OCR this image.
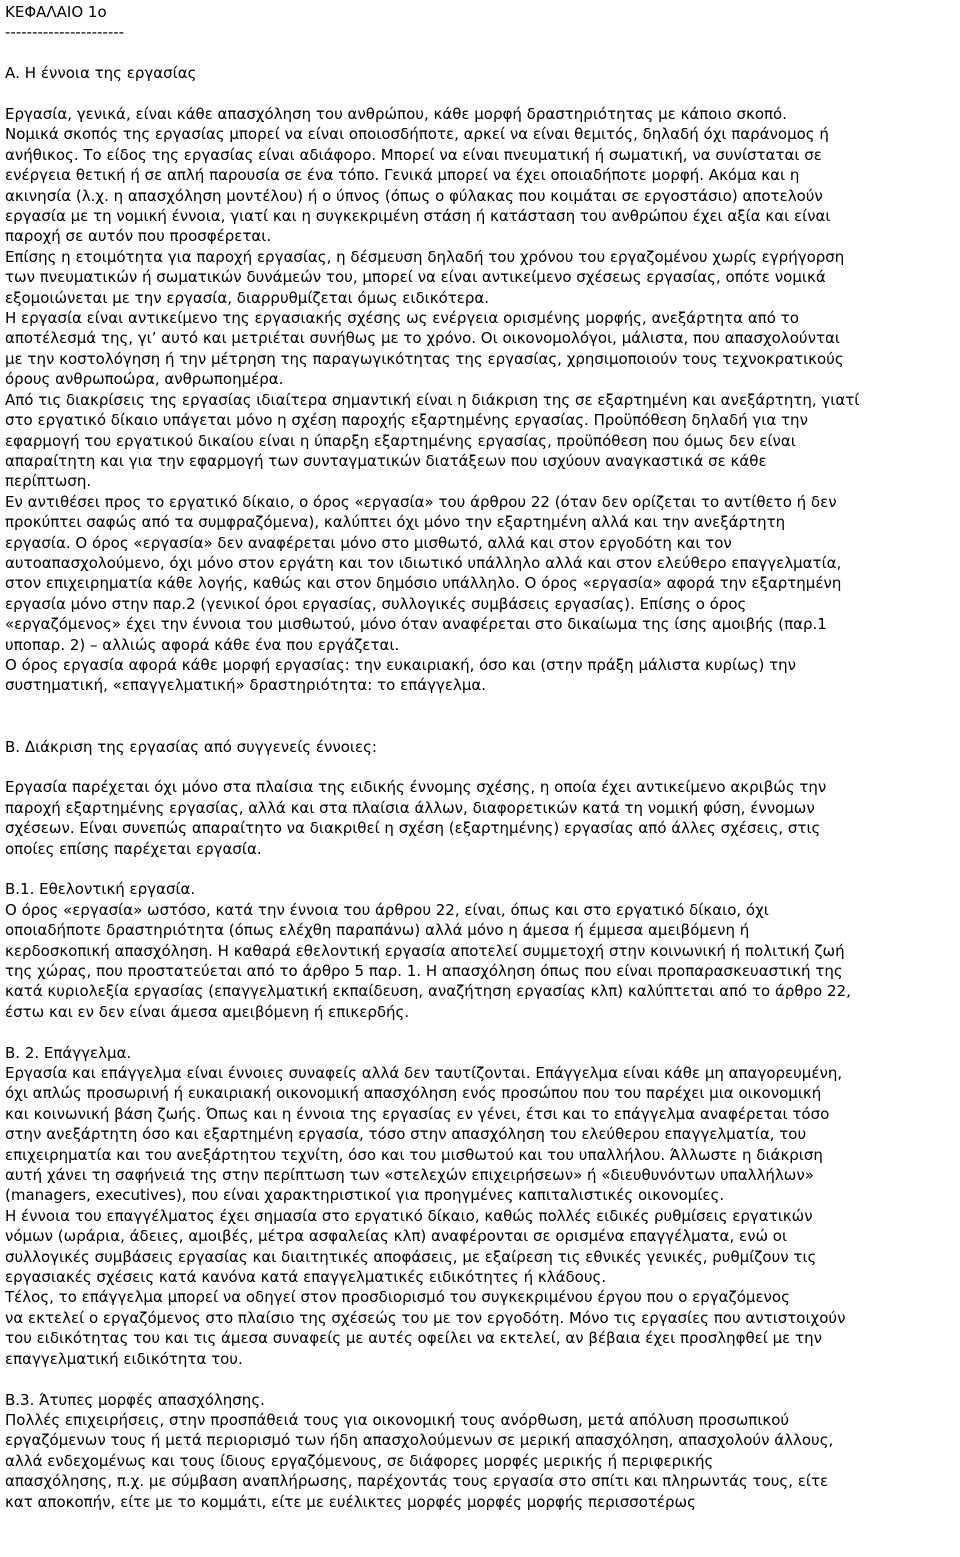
ΚΕΦΑΛΑΙΟ 1ο
----------------------
Α. Η έννοια της εργασίας
Εργασία, γενικά, είναι κάθε απασχόληση του ανθρώπου, κάθε μορφή δραστηριότητας με κάποιο σκοπό.
Νομικά σκοπός της εργασίας μπορεί να είναι οποιοσδήποτε, αρκεί να είναι θεμιτός, δηλαδή όχι παράνομος ή
ανήθικος. Το είδος της εργασίας είναι αδιάφορο. Μπορεί να είναι πνευματική ή σωματική, να συνίσταται σε
ενέργεια θετική ή σε απλή παρουσία σε ένα τόπο. Γενικά μπορεί να έχει οποιαδήποτε μορφή. Ακόμα και η
ακινησία (λ.χ. η απασχόληση μοντέλου) ή ο ύπνος (όπως ο φύλακας που κοιμάται σε εργοστάσιο) αποτελούν
εργασία με τη νομική έννοια, γιατί και η συγκεκριμένη στάση ή κατάσταση του ανθρώπου έχει αξία και είναι
παροχή σε αυτόν που προσφέρεται.
Επίσης η ετοιμότητα για παροχή εργασίας, η δέσμευση δηλαδή του χρόνου του εργαζομένου χωρίς εγρήγορση
των πνευματικών ή σωματικών δυνάμεών του, μπορεί να είναι αντικείμενο σχέσεως εργασίας, οπότε νομικά
εξομοιώνεται με την εργασία, διαρρυθμίζεται όμως ειδικότερα.
Η εργασία είναι αντικείμενο της εργασιακής σχέσης ως ενέργεια ορισμένης μορφής, ανεξάρτητα από το
αποτέλεσμά της, γι’ αυτό και μετριέται συνήθως με το χρόνο. Οι οικονομολόγοι, μάλιστα, που απασχολούνται
με την κοστολόγηση ή την μέτρηση της παραγωγικότητας της εργασίας, χρησιμοποιούν τους τεχνοκρατικούς
όρους ανθρωποώρα, ανθρωποημέρα.
Από τις διακρίσεις της εργασίας ιδιαίτερα σημαντική είναι η διάκριση της σε εξαρτημένη και ανεξάρτητη, γιατί
στο εργατικό δίκαιο υπάγεται μόνο η σχέση παροχής εξαρτημένης εργασίας. Προϋπόθεση δηλαδή για την
εφαρμογή του εργατικού δικαίου είναι η ύπαρξη εξαρτημένης εργασίας, προϋπόθεση που όμως δεν είναι
απαραίτητη και για την εφαρμογή των συνταγματικών διατάξεων που ισχύουν αναγκαστικά σε κάθε
περίπτωση.
Εν αντιθέσει προς το εργατικό δίκαιο, ο όρος «εργασία» του άρθρου 22 (όταν δεν ορίζεται το αντίθετο ή δεν
προκύπτει σαφώς από τα συμφραζόμενα), καλύπτει όχι μόνο την εξαρτημένη αλλά και την ανεξάρτητη
εργασία. Ο όρος «εργασία» δεν αναφέρεται μόνο στο μισθωτό, αλλά και στον εργοδότη και τον
αυτοαπασχολούμενο, όχι μόνο στον εργάτη και τον ιδιωτικό υπάλληλο αλλά και στον ελεύθερο επαγγελματία,
στον επιχειρηματία κάθε λογής, καθώς και στον δημόσιο υπάλληλο. Ο όρος «εργασία» αφορά την εξαρτημένη
εργασία μόνο στην παρ.2 (γενικοί όροι εργασίας, συλλογικές συμβάσεις εργασίας). Επίσης ο όρος
«εργαζόμενος» έχει την έννοια του μισθωτού, μόνο όταν αναφέρεται στο δικαίωμα της ίσης αμοιβής (παρ.1
υποπαρ. 2) – αλλιώς αφορά κάθε ένα που εργάζεται.
Ο όρος εργασία αφορά κάθε μορφή εργασίας: την ευκαιριακή, όσο και (στην πράξη μάλιστα κυρίως) την
συστηματική, «επαγγελματική» δραστηριότητα: το επάγγελμα.
Β. Διάκριση της εργασίας από συγγενείς έννοιες:
Εργασία παρέχεται όχι μόνο στα πλαίσια της ειδικής έννομης σχέσης, η οποία έχει αντικείμενο ακριβώς την
παροχή εξαρτημένης εργασίας, αλλά και στα πλαίσια άλλων, διαφορετικών κατά τη νομική φύση, έννομων
σχέσεων. Είναι συνεπώς απαραίτητο να διακριθεί η σχέση (εξαρτημένης) εργασίας από άλλες σχέσεις, στις
οποίες επίσης παρέχεται εργασία.
Β.1. Εθελοντική εργασία.
Ο όρος «εργασία» ωστόσο, κατά την έννοια του άρθρου 22, είναι, όπως και στο εργατικό δίκαιο, όχι
οποιαδήποτε δραστηριότητα (όπως ελέχθη παραπάνω) αλλά μόνο η άμεσα ή έμμεσα αμειβόμενη ή
κερδοσκοπική απασχόληση. Η καθαρά εθελοντική εργασία αποτελεί συμμετοχή στην κοινωνική ή πολιτική ζωή
της χώρας, που προστατεύεται από το άρθρο 5 παρ. 1. Η απασχόληση όπως που είναι προπαρασκευαστική της
κατά κυριολεξία εργασίας (επαγγελματική εκπαίδευση, αναζήτηση εργασίας κλπ) καλύπτεται από το άρθρο 22,
έστω και εν δεν είναι άμεσα αμειβόμενη ή επικερδής.
Β. 2. Επάγγελμα.
Εργασία και επάγγελμα είναι έννοιες συναφείς αλλά δεν ταυτίζονται. Επάγγελμα είναι κάθε μη απαγορευμένη,
όχι απλώς προσωρινή ή ευκαιριακή οικονομική απασχόληση ενός προσώπου που του παρέχει μια οικονομική
και κοινωνική βάση ζωής. Όπως και η έννοια της εργασίας εν γένει, έτσι και το επάγγελμα αναφέρεται τόσο
στην ανεξάρτητη όσο και εξαρτημένη εργασία, τόσο στην απασχόληση του ελεύθερου επαγγελματία, του
επιχειρηματία και του ανεξάρτητου τεχνίτη, όσο και του μισθωτού και του υπαλλήλου. Άλλωστε η διάκριση
αυτή χάνει τη σαφήνειά της στην περίπτωση των «στελεχών επιχειρήσεων» ή «διευθυνόντων υπαλλήλων»
(managers, executives), που είναι χαρακτηριστικοί για προηγμένες καπιταλιστικές οικονομίες.
Η έννοια του επαγγέλματος έχει σημασία στο εργατικό δίκαιο, καθώς πολλές ειδικές ρυθμίσεις εργατικών
νόμων (ωράρια, άδειες, αμοιβές, μέτρα ασφαλείας κλπ) αναφέρονται σε ορισμένα επαγγέλματα, ενώ οι
συλλογικές συμβάσεις εργασίας και διαιτητικές αποφάσεις, με εξαίρεση τις εθνικές γενικές, ρυθμίζουν τις
εργασιακές σχέσεις κατά κανόνα κατά επαγγελματικές ειδικότητες ή κλάδους.
Τέλος, το επάγγελμα μπορεί να οδηγεί στον προσδιορισμό του συγκεκριμένου έργου που ο εργαζόμενος
να εκτελεί ο εργαζόμενος στο πλαίσιο της σχέσεώς του με τον εργοδότη. Μόνο τις εργασίες που αντιστοιχούν
του ειδικότητας του και τις άμεσα συναφείς με αυτές οφείλει να εκτελεί, αν βέβαια έχει προσληφθεί με την
επαγγελματική ειδικότητα του.
Β.3. Άτυπες μορφές απασχόλησης.
Πολλές επιχειρήσεις, στην προσπάθειά τους για οικονομική τους ανόρθωση, μετά απόλυση προσωπικού
εργαζόμενων τους ή μετά περιορισμό των ήδη απασχολούμενων σε μερική απασχόληση, απασχολούν άλλους,
αλλά ενδεχομένως και τους ίδιους εργαζόμενους, σε διάφορες μορφές μερικής ή περιφερικής
απασχόλησης, π.χ. με σύμβαση αναπλήρωσης, παρέχοντάς τους εργασία στο σπίτι και πληρωντάς τους, είτε
κατ αποκοπήν, είτε με το κομμάτι, είτε με ευέλικτες μορφές μορφές μορφής περισσοτέρως
